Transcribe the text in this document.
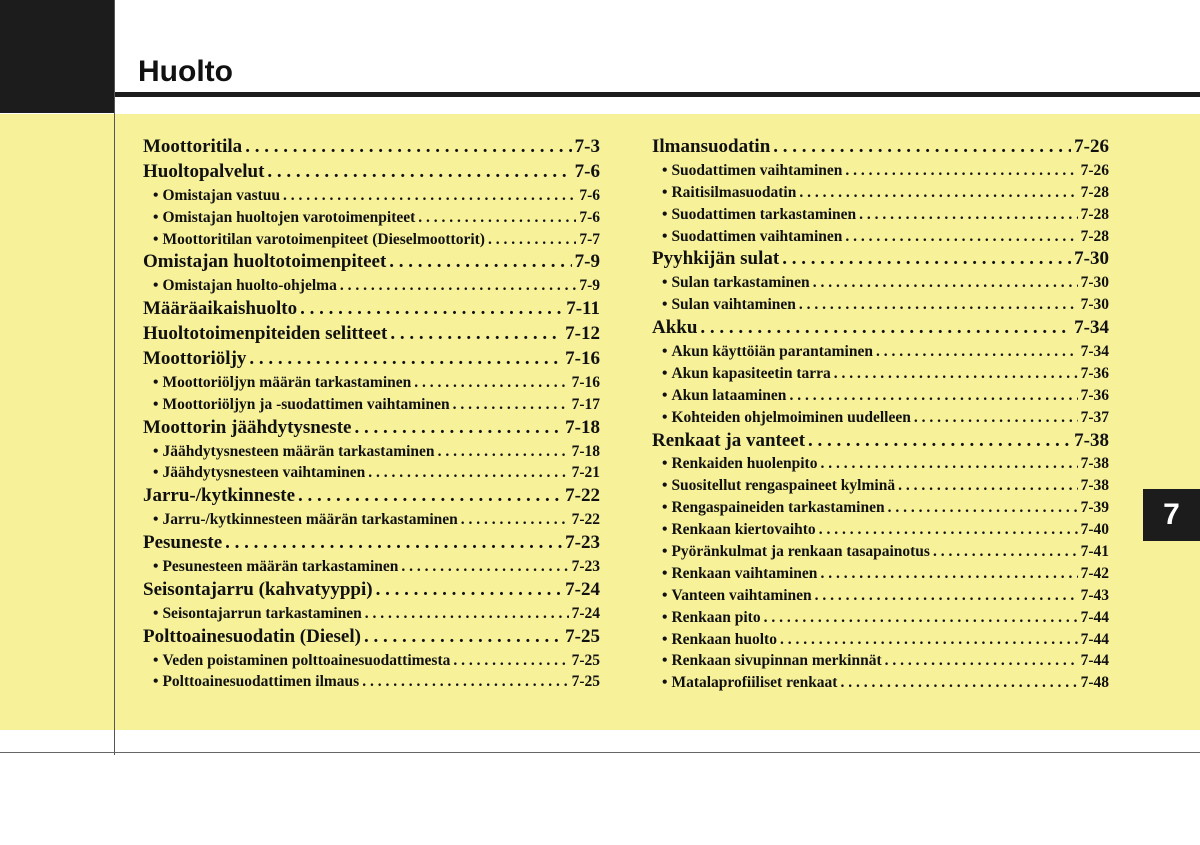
Huolto
Moottoritila . . .	7-3
Huoltopalvelut . . .	7-6
• Omistajan vastuu . . .	7-6
• Omistajan huoltojen varotoimenpiteet . . .	7-6
• Moottoritilan varotoimenpiteet (Dieselmoottorit) . . .	7-7
Omistajan huoltotoimenpiteet . . .	7-9
• Omistajan huolto-ohjelma . . .	7-9
Määräaikaishuolto . . .	7-11
Huoltotoimenpiteiden selitteet . . .	7-12
Moottoriöljy . . .	7-16
• Moottoriöljyn määrän tarkastaminen . . .	7-16
• Moottoriöljyn ja -suodattimen vaihtaminen . . .	7-17
Moottorin jäähdytysneste . . .	7-18
• Jäähdytysnesteen määrän tarkastaminen . . .	7-18
• Jäähdytysnesteen vaihtaminen . . .	7-21
Jarru-/kytkinneste . . .	7-22
• Jarru-/kytkinnesteen määrän tarkastaminen . . .	7-22
Pesuneste . . .	7-23
• Pesunesteen määrän tarkastaminen . . .	7-23
Seisontajarru (kahvatyyppi) . . .	7-24
• Seisontajarrun tarkastaminen . . .	7-24
Polttoainesuodatin (Diesel) . . .	7-25
• Veden poistaminen polttoainesuodattimesta . . .	7-25
• Polttoainesuodattimen ilmaus . . .	7-25
Ilmansuodatin . . .	7-26
• Suodattimen vaihtaminen . . .	7-26
• Raitisilmasuodatin . . .	7-28
• Suodattimen tarkastaminen . . .	7-28
• Suodattimen vaihtaminen . . .	7-28
Pyyhkijän sulat . . .	7-30
• Sulan tarkastaminen . . .	7-30
• Sulan vaihtaminen . . .	7-30
Akku . . .	7-34
• Akun käyttöiän parantaminen . . .	7-34
• Akun kapasiteetin tarra . . .	7-36
• Akun lataaminen . . .	7-36
• Kohteiden ohjelmoiminen uudelleen . . .	7-37
Renkaat ja vanteet . . .	7-38
• Renkaiden huolenpito . . .	7-38
• Suositellut rengaspaineet kylminä . . .	7-38
• Rengaspaineiden tarkastaminen . . .	7-39
• Renkaan kiertovaihto . . .	7-40
• Pyöränkulmat ja renkaan tasapainotus . . .	7-41
• Renkaan vaihtaminen . . .	7-42
• Vanteen vaihtaminen . . .	7-43
• Renkaan pito . . .	7-44
• Renkaan huolto . . .	7-44
• Renkaan sivupinnan merkinnät . . .	7-44
• Matalaprofiiliset renkaat . . .	7-48
7
